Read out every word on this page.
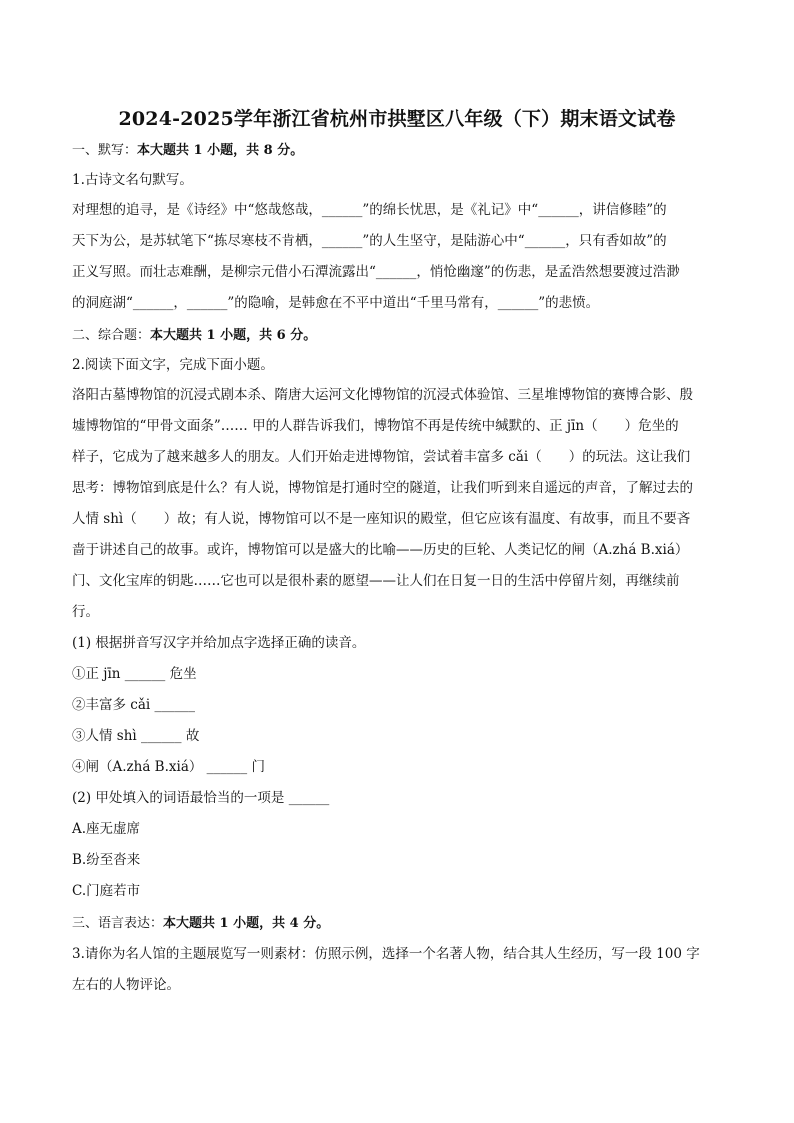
2024-2025学年浙江省杭州市拱墅区八年级（下）期末语文试卷
一、默写：本大题共 1 小题，共 8 分。

1.古诗文名句默写。

对理想的追寻，是《诗经》中“悠哉悠哉，______”的绵长忧思，是《礼记》中“______，讲信修睦”的

天下为公，是苏轼笔下“拣尽寒枝不肯栖，______”的人生坚守，是陆游心中“______，只有香如故”的

正义写照。而壮志难酬，是柳宗元借小石潭流露出“______，悄怆幽邃”的伤悲，是孟浩然想要渡过浩渺

的洞庭湖“______，______”的隐喻，是韩愈在不平中道出“千里马常有，______”的悲愤。

二、综合题：本大题共 1 小题，共 6 分。

2.阅读下面文字，完成下面小题。

洛阳古墓博物馆的沉浸式剧本杀、隋唐大运河文化博物馆的沉浸式体验馆、三星堆博物馆的赛博合影、殷

墟博物馆的“甲骨文面条”…… 甲的人群告诉我们，博物馆不再是传统中缄默的、正 jīn（　　）危坐的

样子，它成为了越来越多人的朋友。人们开始走进博物馆，尝试着丰富多 cǎi（　　）的玩法。这让我们

思考：博物馆到底是什么？有人说，博物馆是打通时空的隧道，让我们听到来自遥远的声音，了解过去的

人情 shì（　　）故；有人说，博物馆可以不是一座知识的殿堂，但它应该有温度、有故事，而且不要吝

啬于讲述自己的故事。或许，博物馆可以是盛大的比喻——历史的巨轮、人类记忆的闸（A.zhá B.xiá）

门、文化宝库的钥匙……它也可以是很朴素的愿望——让人们在日复一日的生活中停留片刻，再继续前

行。

(1) 根据拼音写汉字并给加点字选择正确的读音。

①正 jīn ______ 危坐

②丰富多 cǎi ______

③人情 shì ______ 故

④闸（A.zhá B.xiá） ______ 门

(2) 甲处填入的词语最恰当的一项是 ______

A.座无虚席

B.纷至沓来

C.门庭若市

三、语言表达：本大题共 1 小题，共 4 分。

3.请你为名人馆的主题展览写一则素材：仿照示例，选择一个名著人物，结合其人生经历，写一段 100 字

左右的人物评论。
